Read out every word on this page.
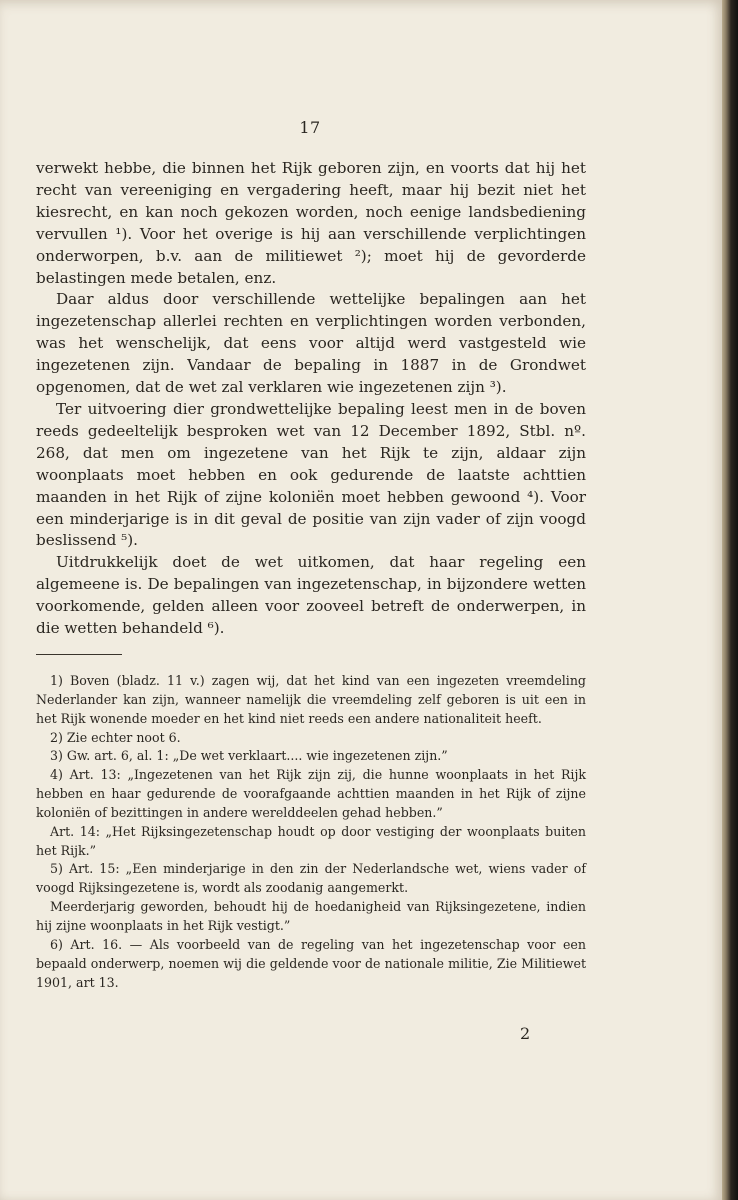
17

verwekt hebbe, die binnen het Rijk geboren zijn, en voorts dat hij het recht van vereeniging en vergadering heeft, maar hij bezit niet het kiesrecht, en kan noch gekozen worden, noch eenige landsbediening vervullen ¹). Voor het overige is hij aan verschillende verplichtingen onderworpen, b.v. aan de militiewet ²); moet hij de gevorderde belastingen mede betalen, enz.

Daar aldus door verschillende wettelijke bepalingen aan het ingezetenschap allerlei rechten en verplichtingen worden verbonden, was het wenschelijk, dat eens voor altijd werd vastgesteld wie ingezetenen zijn. Vandaar de bepaling in 1887 in de Grondwet opgenomen, dat de wet zal verklaren wie ingezetenen zijn ³).

Ter uitvoering dier grondwettelijke bepaling leest men in de boven reeds gedeeltelijk besproken wet van 12 December 1892, Stbl. nº. 268, dat men om ingezetene van het Rijk te zijn, aldaar zijn woonplaats moet hebben en ook gedurende de laatste achttien maanden in het Rijk of zijne koloniën moet hebben gewoond ⁴). Voor een minderjarige is in dit geval de positie van zijn vader of zijn voogd beslissend ⁵).

Uitdrukkelijk doet de wet uitkomen, dat haar regeling een algemeene is. De bepalingen van ingezetenschap, in bijzondere wetten voorkomende, gelden alleen voor zooveel betreft de onderwerpen, in die wetten behandeld ⁶).

1) Boven (bladz. 11 v.) zagen wij, dat het kind van een ingezeten vreemdeling Nederlander kan zijn, wanneer namelijk die vreemdeling zelf geboren is uit een in het Rijk wonende moeder en het kind niet reeds een andere nationaliteit heeft.

2) Zie echter noot 6.

3) Gw. art. 6, al. 1: „De wet verklaart.... wie ingezetenen zijn.”

4) Art. 13: „Ingezetenen van het Rijk zijn zij, die hunne woonplaats in het Rijk hebben en haar gedurende de voorafgaande achttien maanden in het Rijk of zijne koloniën of bezittingen in andere werelddeelen gehad hebben.”

Art. 14: „Het Rijksingezetenschap houdt op door vestiging der woonplaats buiten het Rijk.”

5) Art. 15: „Een minderjarige in den zin der Nederlandsche wet, wiens vader of voogd Rijksingezetene is, wordt als zoodanig aangemerkt.

Meerderjarig geworden, behoudt hij de hoedanigheid van Rijksingezetene, indien hij zijne woonplaats in het Rijk vestigt.”

6) Art. 16. — Als voorbeeld van de regeling van het ingezetenschap voor een bepaald onderwerp, noemen wij die geldende voor de nationale militie, Zie Militiewet 1901, art 13.

2
